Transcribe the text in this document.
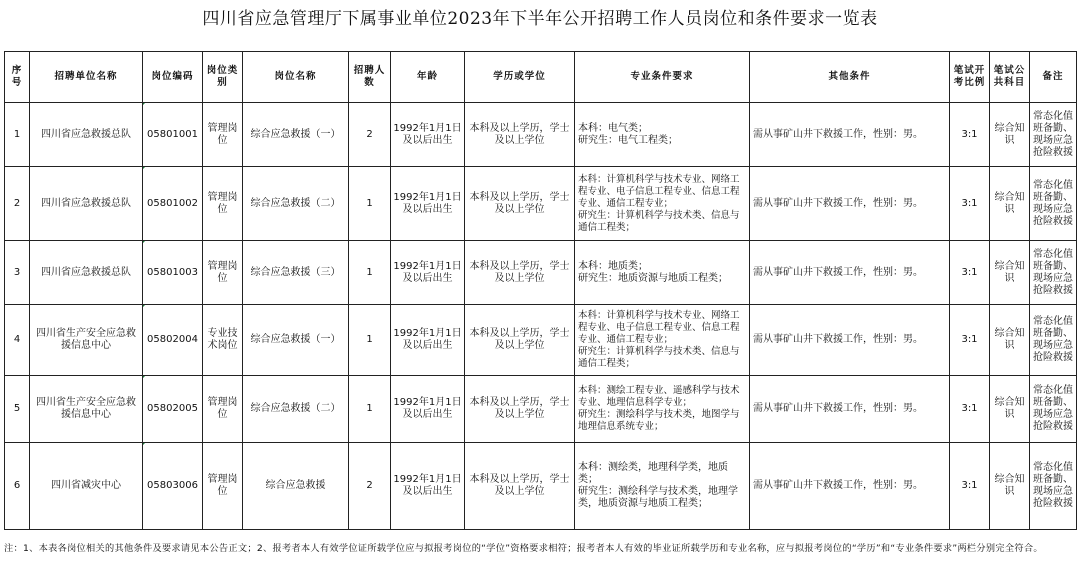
四川省应急管理厅下属事业单位2023年下半年公开招聘工作人员岗位和条件要求一览表
序号	招聘单位名称	岗位编码	岗位类别	岗位名称	招聘人数	年龄	学历或学位	专业条件要求	其他条件	笔试开考比例	笔试公共科目	备注
1	四川省应急救援总队	05801001	管理岗位	综合应急救援（一）	2	1992年1月1日及以后出生	本科及以上学历，学士及以上学位	本科：电气类；
研究生：电气工程类；	需从事矿山井下救援工作，性别：男。	3:1	综合知识	常态化值班备勤、现场应急抢险救援
2	四川省应急救援总队	05801002	管理岗位	综合应急救援（二）	1	1992年1月1日及以后出生	本科及以上学历，学士及以上学位	本科：计算机科学与技术专业、网络工程专业、电子信息工程专业、信息工程专业、通信工程专业；
研究生：计算机科学与技术类、信息与通信工程类；	需从事矿山井下救援工作，性别：男。	3:1	综合知识	常态化值班备勤、现场应急抢险救援
3	四川省应急救援总队	05801003	管理岗位	综合应急救援（三）	1	1992年1月1日及以后出生	本科及以上学历，学士及以上学位	本科：地质类；
研究生：地质资源与地质工程类；	需从事矿山井下救援工作，性别：男。	3:1	综合知识	常态化值班备勤、现场应急抢险救援
4	四川省生产安全应急救援信息中心	05802004	专业技术岗位	综合应急救援（一）	1	1992年1月1日及以后出生	本科及以上学历，学士及以上学位	本科：计算机科学与技术专业、网络工程专业、电子信息工程专业、信息工程专业、通信工程专业；
研究生：计算机科学与技术类、信息与通信工程类；	需从事矿山井下救援工作，性别：男。	3:1	综合知识	常态化值班备勤、现场应急抢险救援
5	四川省生产安全应急救援信息中心	05802005	管理岗位	综合应急救援（二）	1	1992年1月1日及以后出生	本科及以上学历，学士及以上学位	本科：测绘工程专业、遥感科学与技术专业、地理信息科学专业；
研究生：测绘科学与技术类，地图学与地理信息系统专业；	需从事矿山井下救援工作，性别：男。	3:1	综合知识	常态化值班备勤、现场应急抢险救援
6	四川省减灾中心	05803006	管理岗位	综合应急救援	2	1992年1月1日及以后出生	本科及以上学历，学士及以上学位	本科：测绘类，地理科学类，地质类；
研究生：测绘科学与技术类，地理学类，地质资源与地质工程类；	需从事矿山井下救援工作，性别：男。	3:1	综合知识	常态化值班备勤、现场应急抢险救援
注：1、本表各岗位相关的其他条件及要求请见本公告正文；2、报考者本人有效学位证所载学位应与拟报考岗位的“学位”资格要求相符；报考者本人有效的毕业证所载学历和专业名称，应与拟报考岗位的“学历”和“专业条件要求”两栏分别完全符合。
